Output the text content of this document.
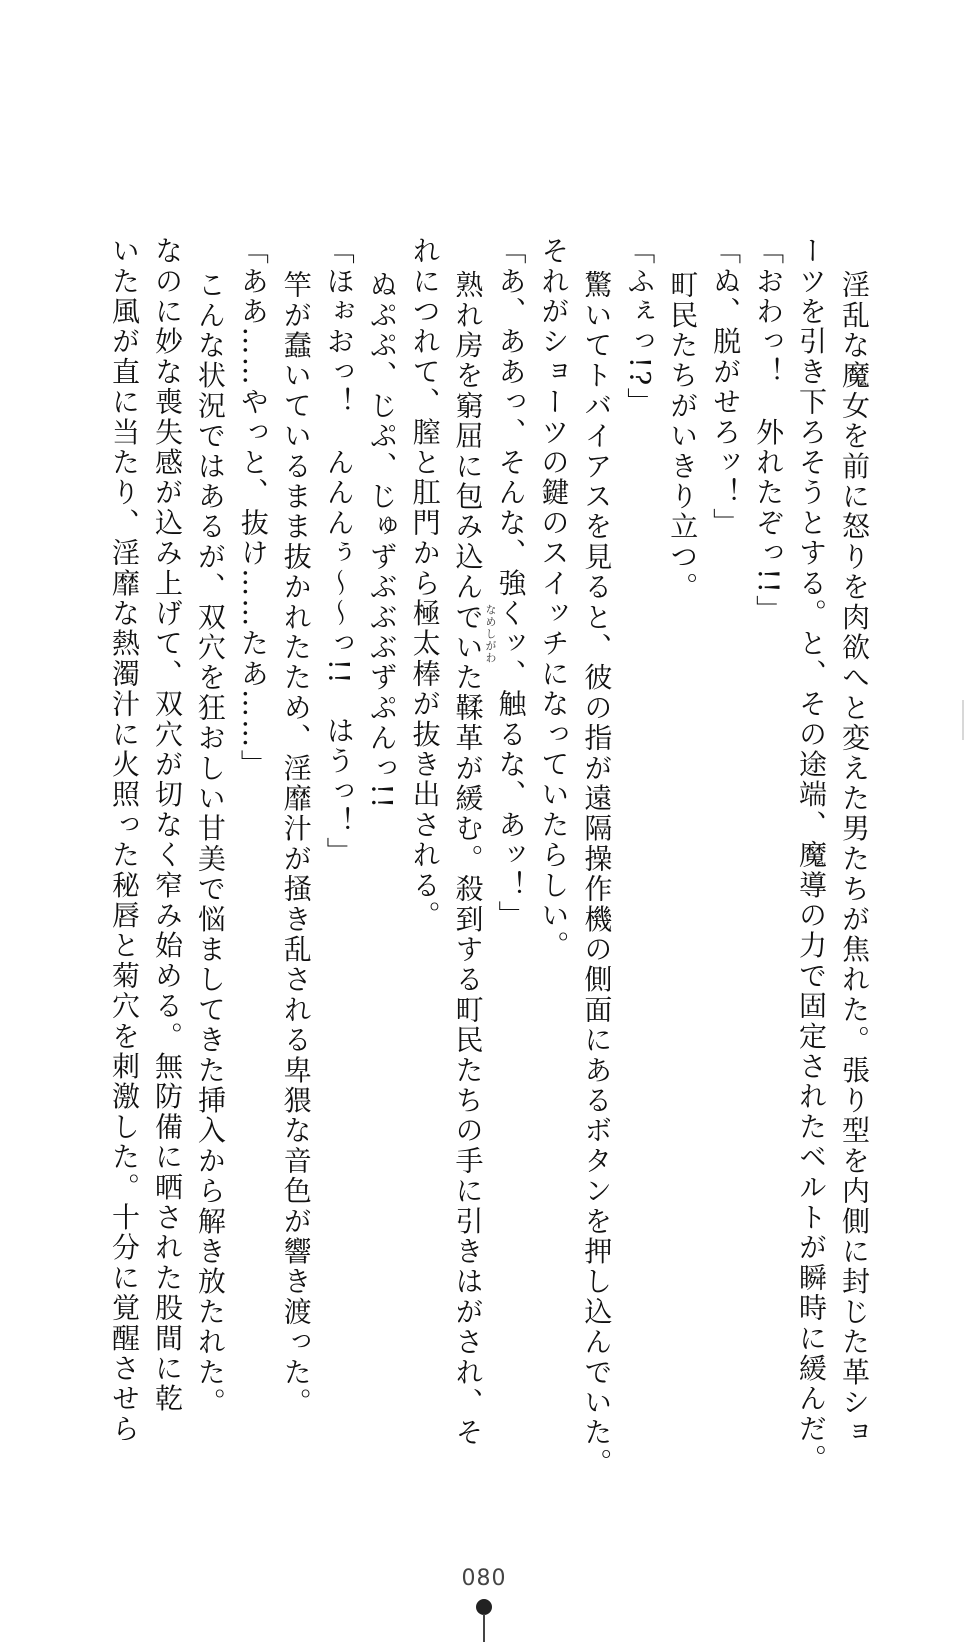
淫乱な魔女を前に怒りを肉欲へと変えた男たちが焦れた。張り型を内側に封じた革ショ
ーツを引き下ろそうとする。と、その途端、魔導の力で固定されたベルトが瞬時に緩んだ。
「おわっ！　外れたぞっ!!」
「ぬ、脱がせろッ！」
町民たちがいきり立つ。
「ふぇっ!?」
驚いてトバイアスを見ると、彼の指が遠隔操作機の側面にあるボタンを押し込んでいた。
それがショーツの鍵のスイッチになっていたらしい。
「あ、ああっ、そんな、強くッ、触るな、あッ！」
熟れ房を窮屈に包み込んでいた鞣革が緩む。殺到する町民たちの手に引きはがされ、そ
れにつれて、膣と肛門から極太棒が抜き出される。
ぬぷぷ、じぷ、じゅずぶぶぶずぷんっ!!
「ほぉおっ！　んんんぅ〜〜っ!!　はうっ！」
竿が蠢いているまま抜かれたため、淫靡汁が掻き乱される卑猥な音色が響き渡った。
「ああ……やっと、抜け……たあ……」
こんな状況ではあるが、双穴を狂おしい甘美で悩ましてきた挿入から解き放たれた。
なのに妙な喪失感が込み上げて、双穴が切なく窄み始める。無防備に晒された股間に乾
いた風が直に当たり、淫靡な熱濁汁に火照った秘唇と菊穴を刺激した。十分に覚醒させら	なめしがわ
080
